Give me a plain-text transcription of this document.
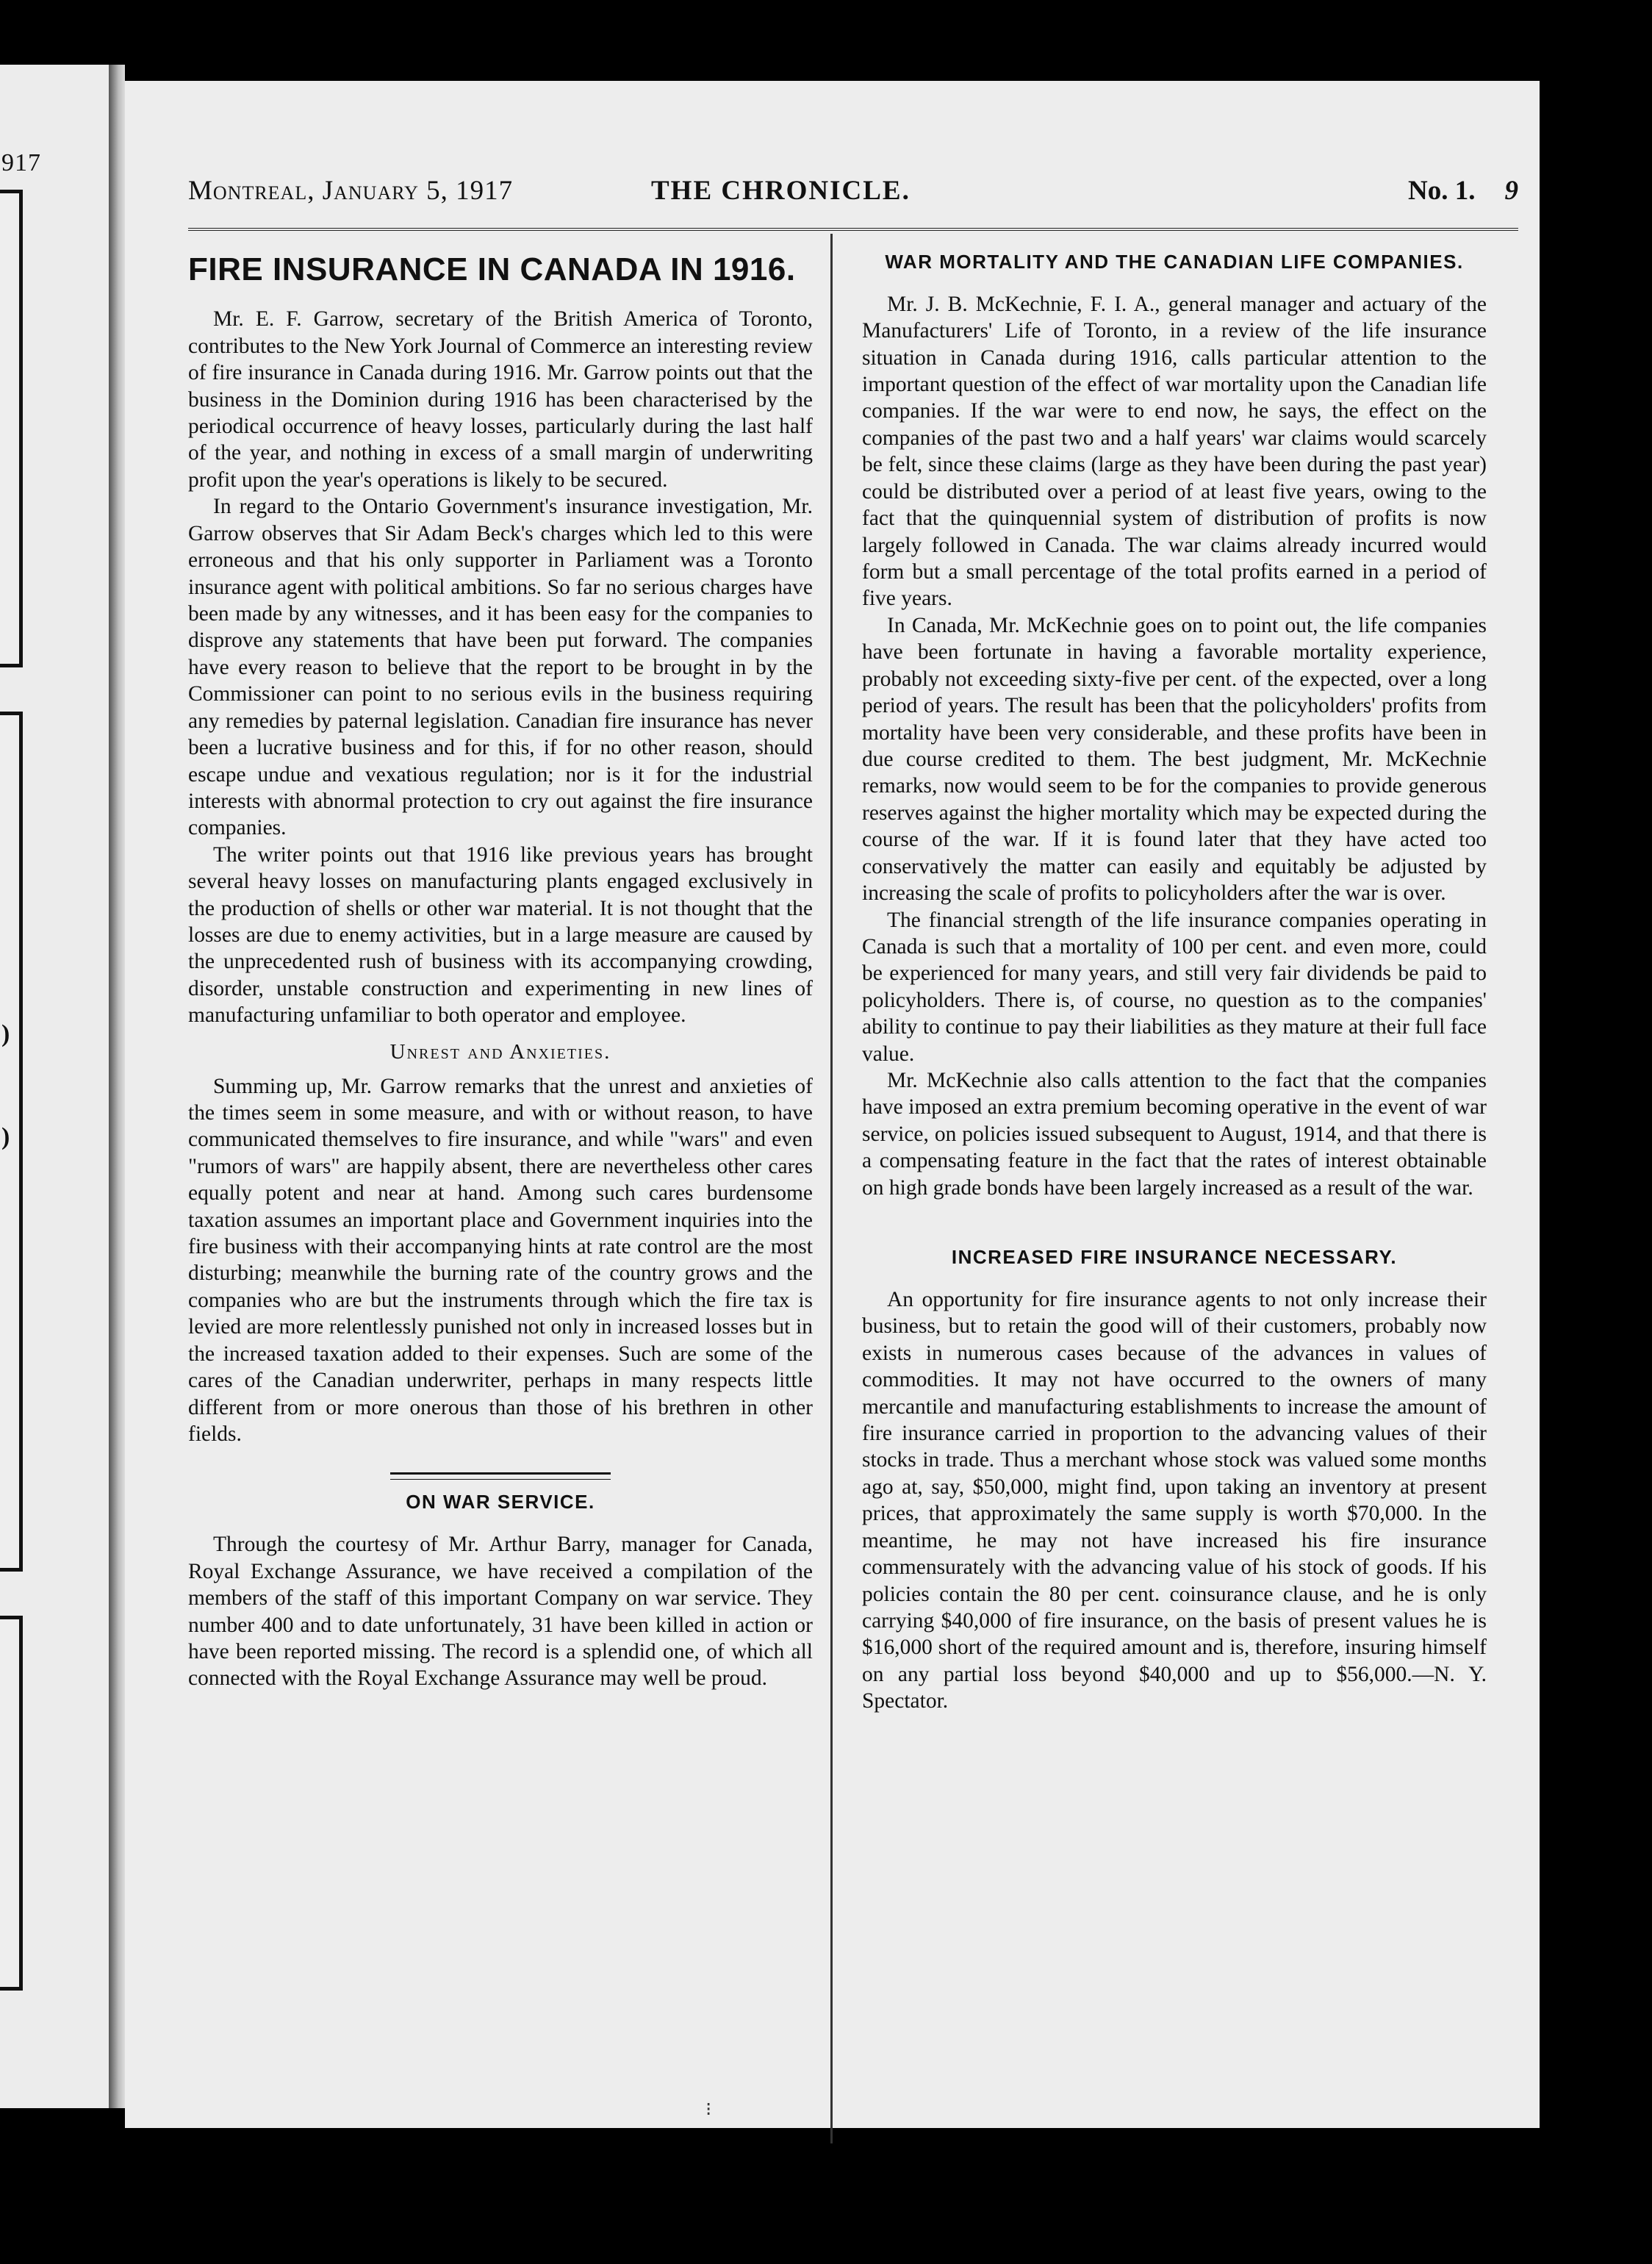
917
)
)
Montreal, January 5, 1917	THE CHRONICLE.	No. 1. 9
FIRE INSURANCE IN CANADA IN 1916.

Mr. E. F. Garrow, secretary of the British America of Toronto, contributes to the New York Journal of Commerce an interesting review of fire insurance in Canada during 1916. Mr. Garrow points out that the business in the Dominion during 1916 has been characterised by the periodical occurrence of heavy losses, particularly during the last half of the year, and nothing in excess of a small margin of underwriting profit upon the year's operations is likely to be secured.

In regard to the Ontario Government's insurance investigation, Mr. Garrow observes that Sir Adam Beck's charges which led to this were erroneous and that his only supporter in Parliament was a Toronto insurance agent with political ambitions. So far no serious charges have been made by any witnesses, and it has been easy for the companies to disprove any statements that have been put forward. The companies have every reason to believe that the report to be brought in by the Commissioner can point to no serious evils in the business requiring any remedies by paternal legislation. Canadian fire insurance has never been a lucrative business and for this, if for no other reason, should escape undue and vexatious regulation; nor is it for the industrial interests with abnormal protection to cry out against the fire insurance companies.

The writer points out that 1916 like previous years has brought several heavy losses on manufacturing plants engaged exclusively in the production of shells or other war material. It is not thought that the losses are due to enemy activities, but in a large measure are caused by the unprecedented rush of business with its accompanying crowding, disorder, unstable construction and experimenting in new lines of manufacturing unfamiliar to both operator and employee.

Unrest and Anxieties.

Summing up, Mr. Garrow remarks that the unrest and anxieties of the times seem in some measure, and with or without reason, to have communicated themselves to fire insurance, and while "wars" and even "rumors of wars" are happily absent, there are nevertheless other cares equally potent and near at hand. Among such cares burdensome taxation assumes an important place and Government inquiries into the fire business with their accompanying hints at rate control are the most disturbing; meanwhile the burning rate of the country grows and the companies who are but the instruments through which the fire tax is levied are more relentlessly punished not only in increased losses but in the increased taxation added to their expenses. Such are some of the cares of the Canadian underwriter, perhaps in many respects little different from or more onerous than those of his brethren in other fields.

ON WAR SERVICE.

Through the courtesy of Mr. Arthur Barry, manager for Canada, Royal Exchange Assurance, we have received a compilation of the members of the staff of this important Company on war service. They number 400 and to date unfortunately, 31 have been killed in action or have been reported missing. The record is a splendid one, of which all connected with the Royal Exchange Assurance may well be proud.

WAR MORTALITY AND THE CANADIAN LIFE COMPANIES.

Mr. J. B. McKechnie, F. I. A., general manager and actuary of the Manufacturers' Life of Toronto, in a review of the life insurance situation in Canada during 1916, calls particular attention to the important question of the effect of war mortality upon the Canadian life companies. If the war were to end now, he says, the effect on the companies of the past two and a half years' war claims would scarcely be felt, since these claims (large as they have been during the past year) could be distributed over a period of at least five years, owing to the fact that the quinquennial system of distribution of profits is now largely followed in Canada. The war claims already incurred would form but a small percentage of the total profits earned in a period of five years.

In Canada, Mr. McKechnie goes on to point out, the life companies have been fortunate in having a favorable mortality experience, probably not exceeding sixty-five per cent. of the expected, over a long period of years. The result has been that the policyholders' profits from mortality have been very considerable, and these profits have been in due course credited to them. The best judgment, Mr. McKechnie remarks, now would seem to be for the companies to provide generous reserves against the higher mortality which may be expected during the course of the war. If it is found later that they have acted too conservatively the matter can easily and equitably be adjusted by increasing the scale of profits to policyholders after the war is over.

The financial strength of the life insurance companies operating in Canada is such that a mortality of 100 per cent. and even more, could be experienced for many years, and still very fair dividends be paid to policyholders. There is, of course, no question as to the companies' ability to continue to pay their liabilities as they mature at their full face value.

Mr. McKechnie also calls attention to the fact that the companies have imposed an extra premium becoming operative in the event of war service, on policies issued subsequent to August, 1914, and that there is a compensating feature in the fact that the rates of interest obtainable on high grade bonds have been largely increased as a result of the war.

INCREASED FIRE INSURANCE NECESSARY.

An opportunity for fire insurance agents to not only increase their business, but to retain the good will of their customers, probably now exists in numerous cases because of the advances in values of commodities. It may not have occurred to the owners of many mercantile and manufacturing establishments to increase the amount of fire insurance carried in proportion to the advancing values of their stocks in trade. Thus a merchant whose stock was valued some months ago at, say, $50,000, might find, upon taking an inventory at present prices, that approximately the same supply is worth $70,000. In the meantime, he may not have increased his fire insurance commensurately with the advancing value of his stock of goods. If his policies contain the 80 per cent. coinsurance clause, and he is only carrying $40,000 of fire insurance, on the basis of present values he is $16,000 short of the required amount and is, therefore, insuring himself on any partial loss beyond $40,000 and up to $56,000.—N. Y. Spectator.

⁝
